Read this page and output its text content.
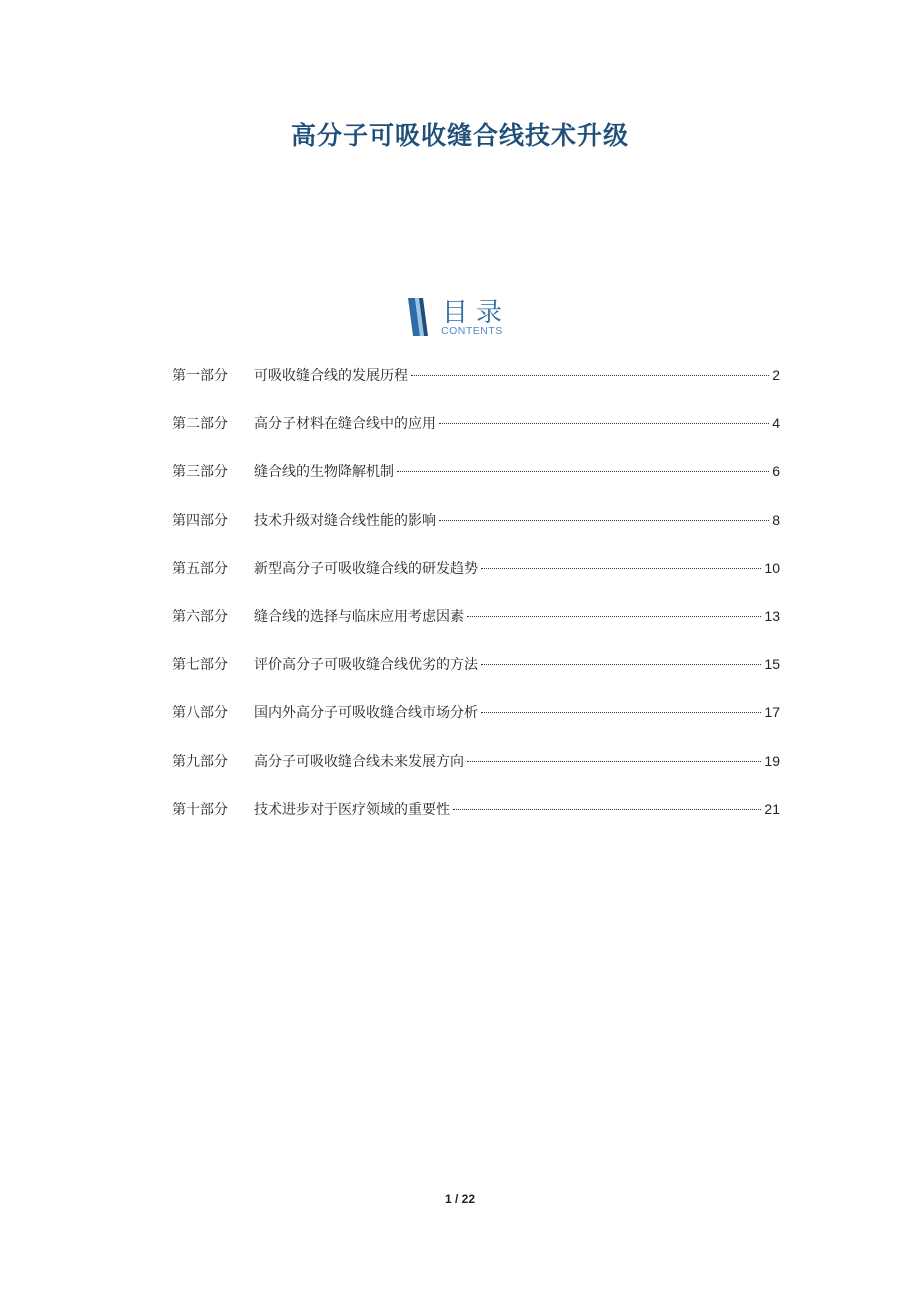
高分子可吸收缝合线技术升级
目录
CONTENTS
第一部分	可吸收缝合线的发展历程	2
第二部分	高分子材料在缝合线中的应用	4
第三部分	缝合线的生物降解机制	6
第四部分	技术升级对缝合线性能的影响	8
第五部分	新型高分子可吸收缝合线的研发趋势	10
第六部分	缝合线的选择与临床应用考虑因素	13
第七部分	评价高分子可吸收缝合线优劣的方法	15
第八部分	国内外高分子可吸收缝合线市场分析	17
第九部分	高分子可吸收缝合线未来发展方向	19
第十部分	技术进步对于医疗领域的重要性	21
1 / 22
